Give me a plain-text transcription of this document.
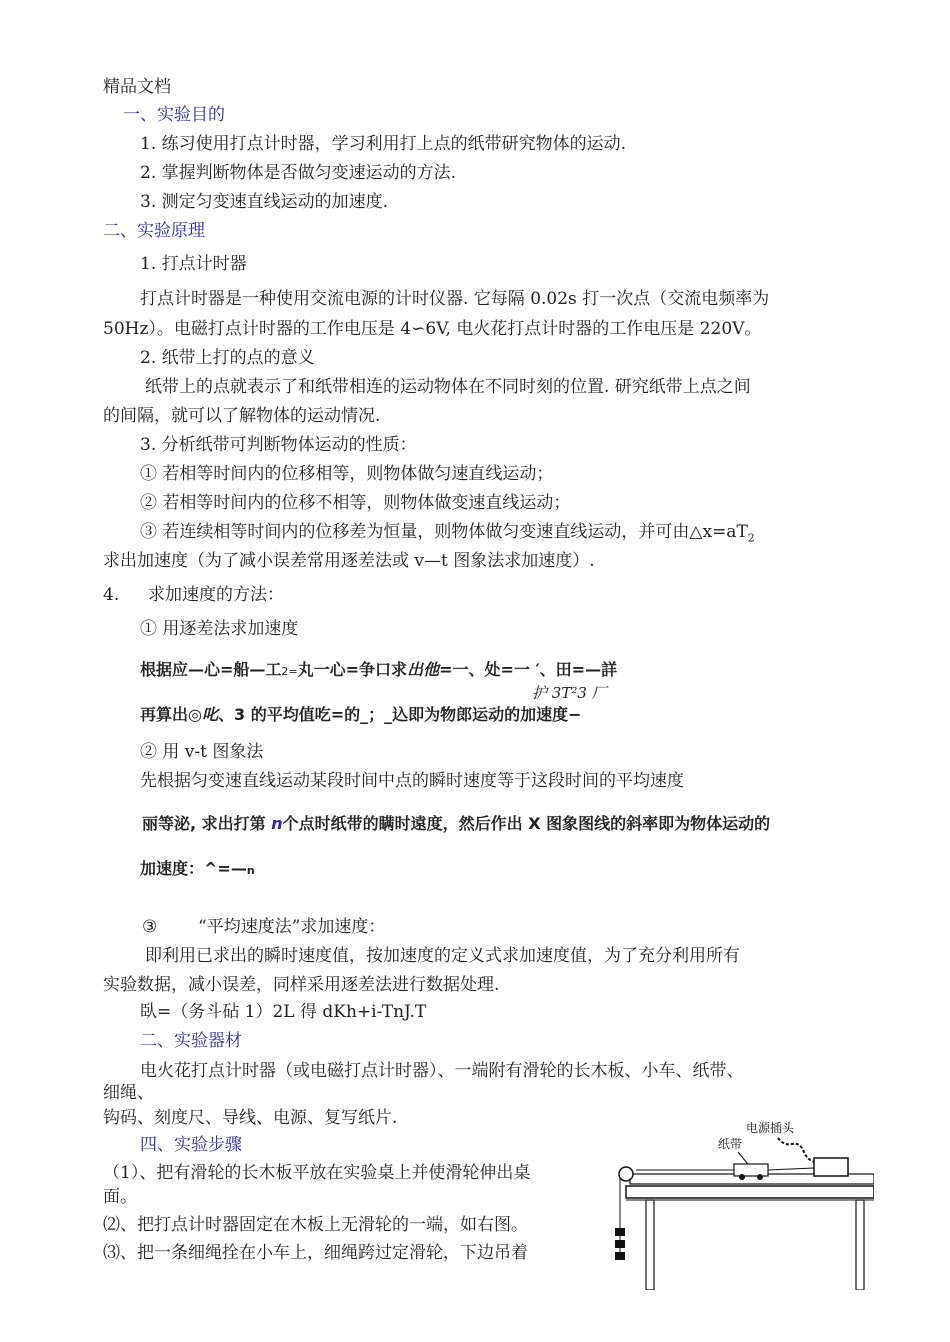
精品文档
一、实验目的
1. 练习使用打点计时器，学习利用打上点的纸带研究物体的运动.
2. 掌握判断物体是否做匀变速运动的方法.
3. 测定匀变速直线运动的加速度.
二、实验原理
1. 打点计时器
打点计时器是一种使用交流电源的计时仪器. 它每隔 0.02s 打一次点（交流电频率为
50Hz）。电磁打点计时器的工作电压是 4∽6V, 电火花打点计时器的工作电压是 220V。
2. 纸带上打的点的意义
纸带上的点就表示了和纸带相连的运动物体在不同时刻的位置. 研究纸带上点之间
的间隔，就可以了解物体的运动情况.
3. 分析纸带可判断物体运动的性质：
① 若相等时间内的位移相等，则物体做匀速直线运动；
② 若相等时间内的位移不相等，则物体做变速直线运动；
③ 若连续相等时间内的位移差为恒量，则物体做匀变速直线运动，并可由$\triangle x=aT_2$
求出加速度（为了减小误差常用逐差法或 v—t 图象法求加速度）.
4. 求加速度的方法：
① 用逐差法求加速度
根据应—心=船—工2=丸一心=争口求出他=一、处=一 ′、田=—詳
护 3T²3 厂
再算出◎叱、3 的平均值吃=的_；_込即为物郎运动的加速度−
② 用 v-t 图象法
先根据匀变速直线运动某段时间中点的瞬时速度等于这段时间的平均速度
丽等泌, 求出打第 n个点时纸带的瞒时遠度，然后作出 X 图象图线的斜率即为物体运动的
加速度：^=—n
③ “平均速度法”求加速度：
即利用已求出的瞬时速度值，按加速度的定义式求加速度值，为了充分利用所有
实验数据，减小误差，同样采用逐差法进行数据处理.
臥=（务斗砧 1）2L 得 dKh+i-TnJ.T
二、实验器材
电火花打点计时器（或电磁打点计时器）、一端附有滑轮的长木板、小车、纸带、
细绳、
钩码、刻度尺、导线、电源、复写纸片.
四、实验步骤
（1）、把有滑轮的长木板平放在实验桌上并使滑轮伸出桌
面。
⑵、把打点计时器固定在木板上无滑轮的一端，如右图。
⑶、把一条细绳拴在小车上，细绳跨过定滑轮，下边吊着
电源插头
纸带
